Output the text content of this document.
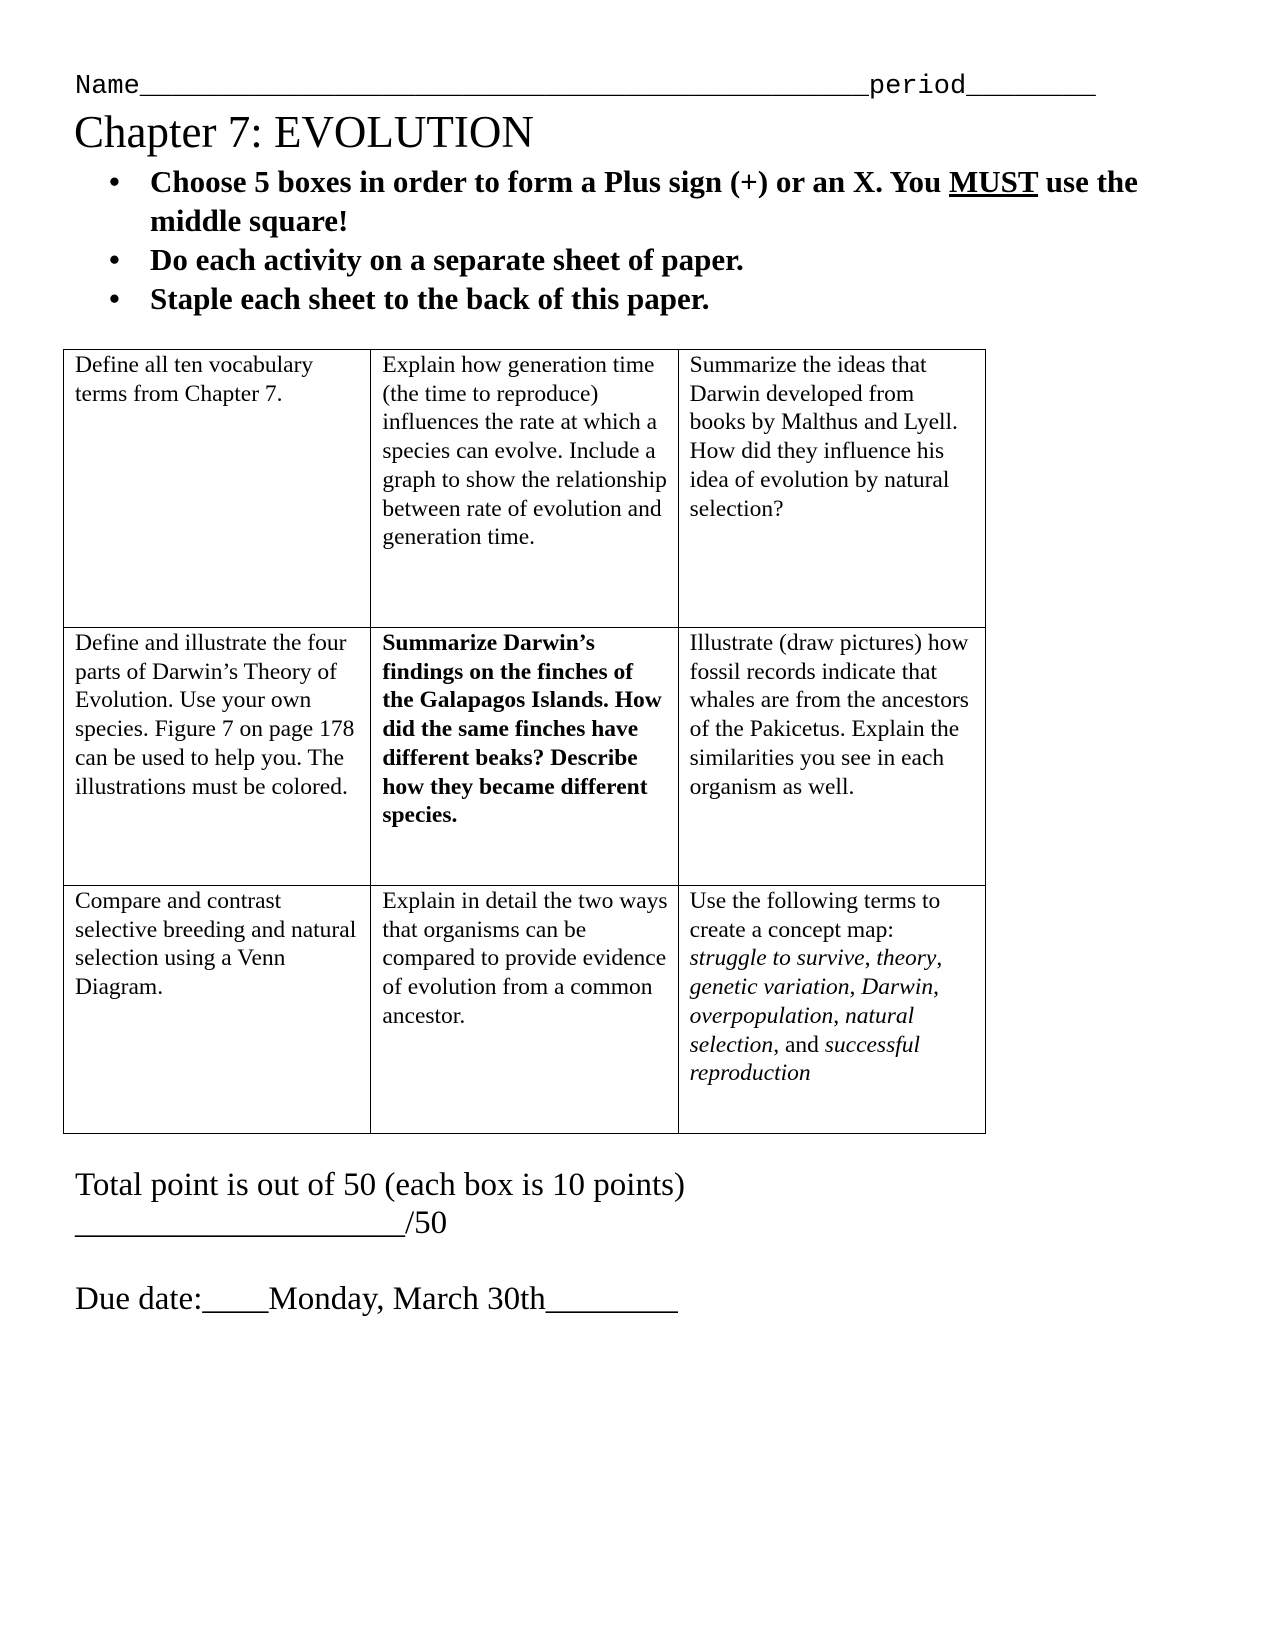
Name_____________________________________________period________
Chapter 7: EVOLUTION
• Choose 5 boxes in order to form a Plus sign (+) or an X. You MUST use the middle square!
• Do each activity on a separate sheet of paper.
• Staple each sheet to the back of this paper.
Define all ten vocabulary terms from Chapter 7.	Explain how generation time (the time to reproduce) influences the rate at which a species can evolve. Include a graph to show the relationship between rate of evolution and generation time.	Summarize the ideas that Darwin developed from books by Malthus and Lyell. How did they influence his idea of evolution by natural selection?
Define and illustrate the four parts of Darwin’s Theory of Evolution. Use your own species. Figure 7 on page 178 can be used to help you. The illustrations must be colored.	Summarize Darwin’s findings on the finches of the Galapagos Islands. How did the same finches have different beaks? Describe how they became different species.	Illustrate (draw pictures) how fossil records indicate that whales are from the ancestors of the Pakicetus. Explain the similarities you see in each organism as well.
Compare and contrast selective breeding and natural selection using a Venn Diagram.	Explain in detail the two ways that organisms can be compared to provide evidence of evolution from a common ancestor.	Use the following terms to create a concept map: struggle to survive, theory, genetic variation, Darwin, overpopulation, natural selection, and successful reproduction
Total point is out of 50 (each box is 10 points)
____________________/50
Due date:____Monday, March 30th________
